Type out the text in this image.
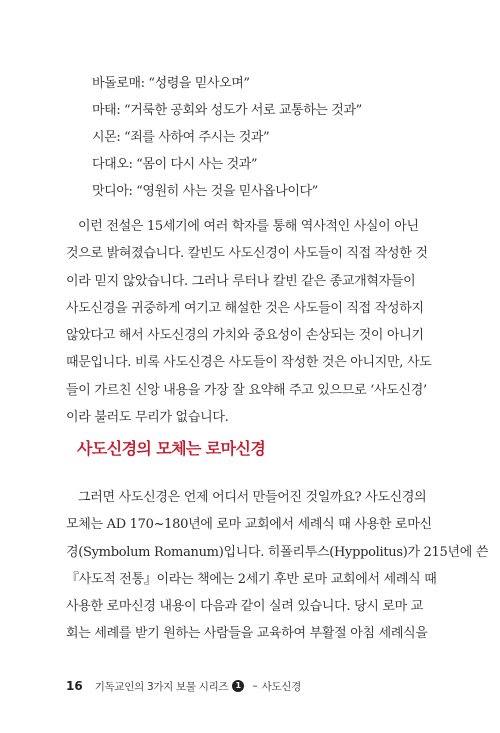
바돌로매: “성령을 믿사오며”
마태: “거룩한 공회와 성도가 서로 교통하는 것과”
시몬: “죄를 사하여 주시는 것과”
다대오: “몸이 다시 사는 것과”
맛디아: “영원히 사는 것을 믿사옵나이다”
이런 전설은 15세기에 여러 학자를 통해 역사적인 사실이 아닌
것으로 밝혀졌습니다. 칼빈도 사도신경이 사도들이 직접 작성한 것
이라 믿지 않았습니다. 그러나 루터나 칼빈 같은 종교개혁자들이
사도신경을 귀중하게 여기고 해설한 것은 사도들이 직접 작성하지
않았다고 해서 사도신경의 가치와 중요성이 손상되는 것이 아니기
때문입니다. 비록 사도신경은 사도들이 작성한 것은 아니지만, 사도
들이 가르친 신앙 내용을 가장 잘 요약해 주고 있으므로 ‘사도신경’
이라 불러도 무리가 없습니다.
사도신경의 모체는 로마신경
그러면 사도신경은 언제 어디서 만들어진 것일까요? 사도신경의
모체는 AD 170~180년에 로마 교회에서 세례식 때 사용한 로마신
경(Symbolum Romanum)입니다. 히폴리투스(Hyppolitus)가 215년에 쓴
『사도적 전통』이라는 책에는 2세기 후반 로마 교회에서 세례식 때
사용한 로마신경 내용이 다음과 같이 실려 있습니다. 당시 로마 교
회는 세례를 받기 원하는 사람들을 교육하여 부활절 아침 세례식을
16 기독교인의 3가지 보물 시리즈 1	– 사도신경
